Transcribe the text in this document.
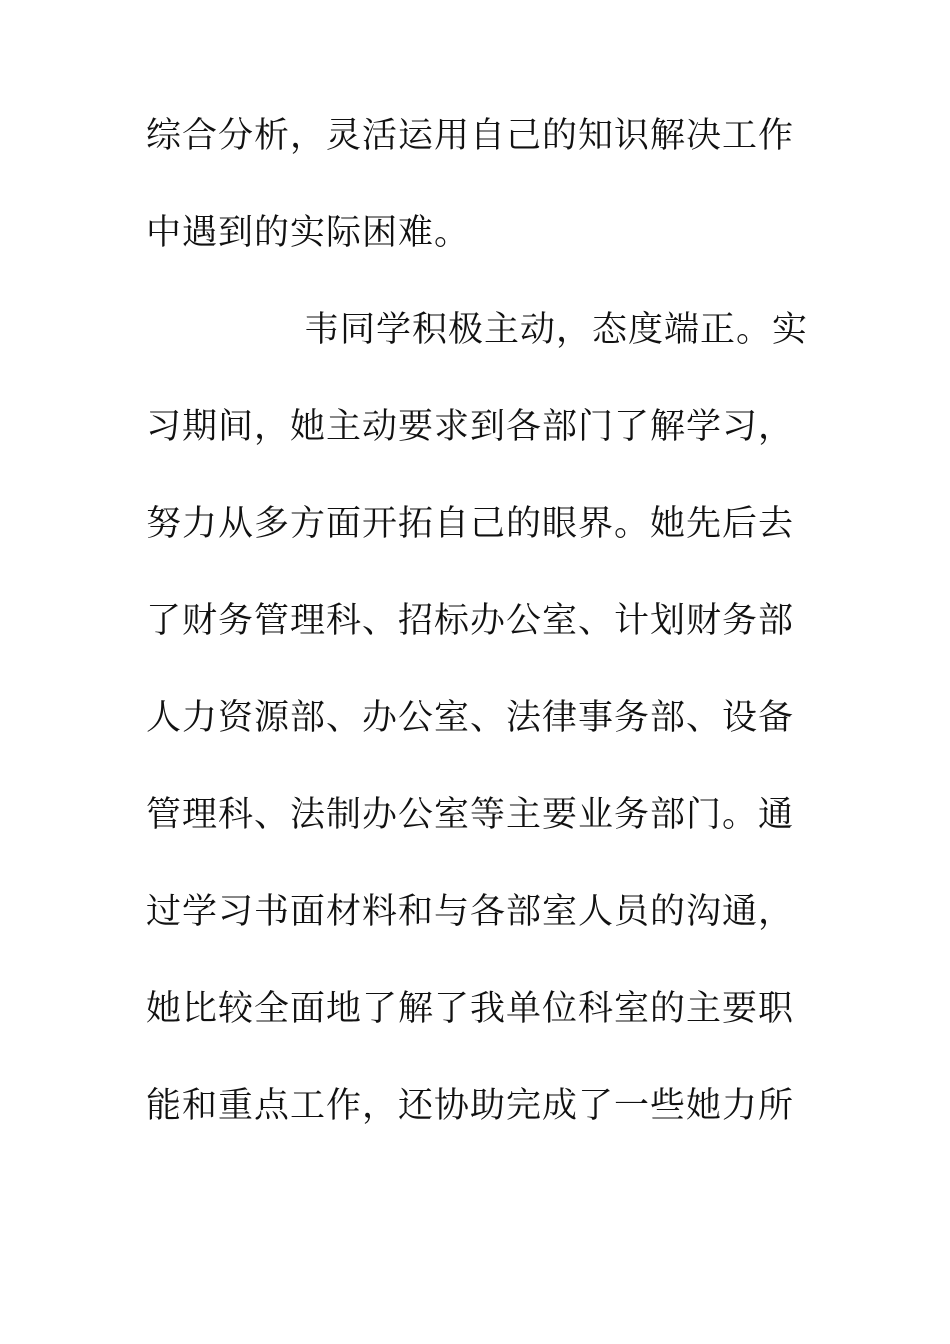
综合分析，灵活运用自己的知识解决工作
中遇到的实际困难。
韦同学积极主动，态度端正。实
习期间，她主动要求到各部门了解学习，
努力从多方面开拓自己的眼界。她先后去
了财务管理科、招标办公室、计划财务部
人力资源部、办公室、法律事务部、设备
管理科、法制办公室等主要业务部门。通
过学习书面材料和与各部室人员的沟通，
她比较全面地了解了我单位科室的主要职
能和重点工作，还协助完成了一些她力所
